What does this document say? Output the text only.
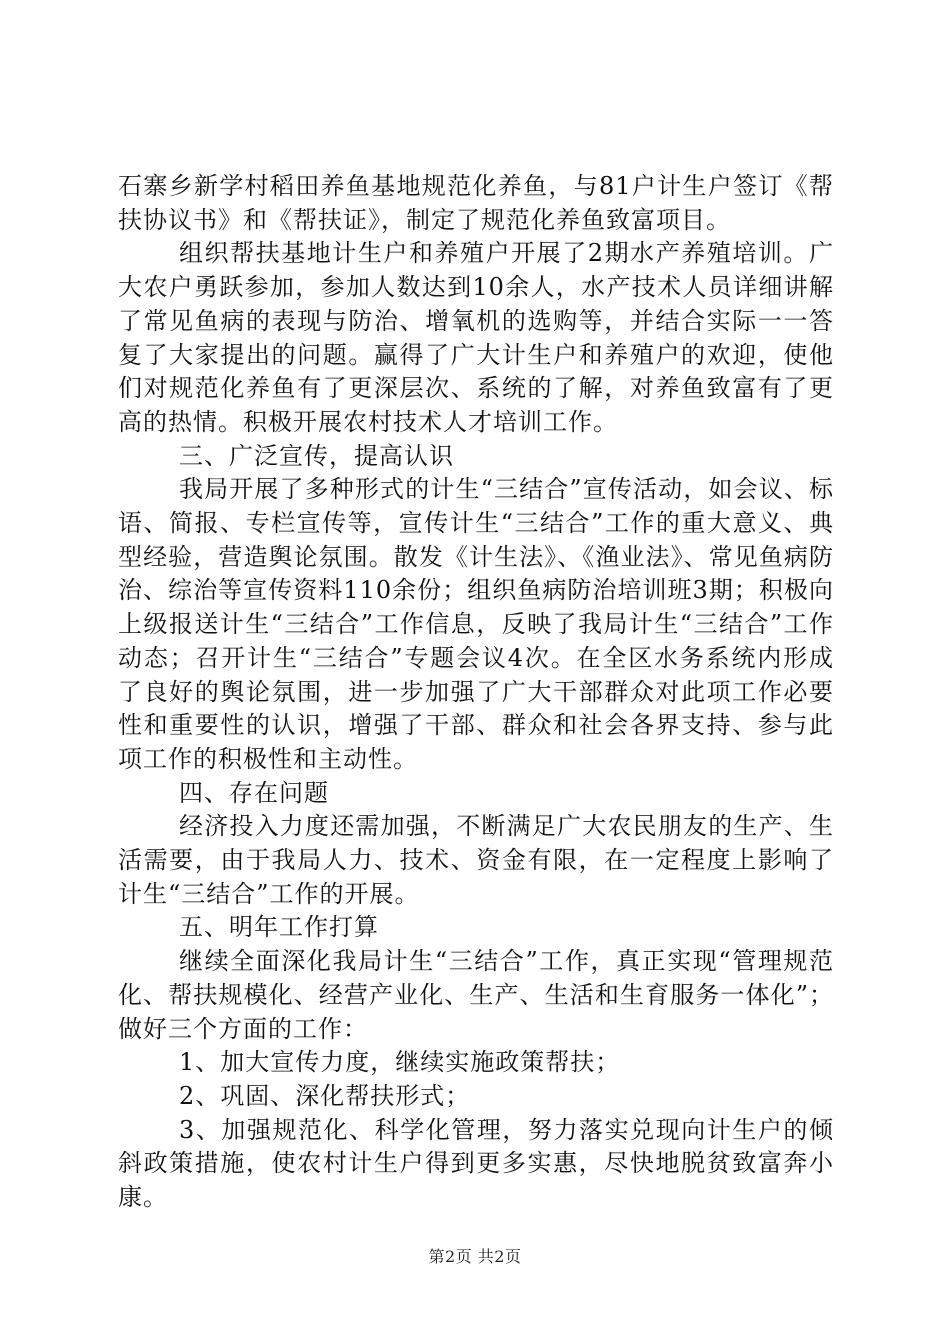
石寨乡新学村稻田养鱼基地规范化养鱼，与81户计生户签订《帮扶协议书》和《帮扶证》，制定了规范化养鱼致富项目。

组织帮扶基地计生户和养殖户开展了2期水产养殖培训。广大农户勇跃参加，参加人数达到10余人，水产技术人员详细讲解了常见鱼病的表现与防治、增氧机的选购等，并结合实际一一答复了大家提出的问题。赢得了广大计生户和养殖户的欢迎，使他们对规范化养鱼有了更深层次、系统的了解，对养鱼致富有了更高的热情。积极开展农村技术人才培训工作。

三、广泛宣传，提高认识

我局开展了多种形式的计生“三结合”宣传活动，如会议、标语、简报、专栏宣传等，宣传计生“三结合”工作的重大意义、典型经验，营造舆论氛围。散发《计生法》、《渔业法》、常见鱼病防治、综治等宣传资料110余份；组织鱼病防治培训班3期；积极向上级报送计生“三结合”工作信息，反映了我局计生“三结合”工作动态；召开计生“三结合”专题会议4次。在全区水务系统内形成了良好的舆论氛围，进一步加强了广大干部群众对此项工作必要性和重要性的认识，增强了干部、群众和社会各界支持、参与此项工作的积极性和主动性。

四、存在问题

经济投入力度还需加强，不断满足广大农民朋友的生产、生活需要，由于我局人力、技术、资金有限，在一定程度上影响了计生“三结合”工作的开展。

五、明年工作打算

继续全面深化我局计生“三结合”工作，真正实现“管理规范化、帮扶规模化、经营产业化、生产、生活和生育服务一体化”；做好三个方面的工作：

1、加大宣传力度，继续实施政策帮扶；

2、巩固、深化帮扶形式；

3、加强规范化、科学化管理，努力落实兑现向计生户的倾斜政策措施，使农村计生户得到更多实惠，尽快地脱贫致富奔小康。

第2页 共2页
